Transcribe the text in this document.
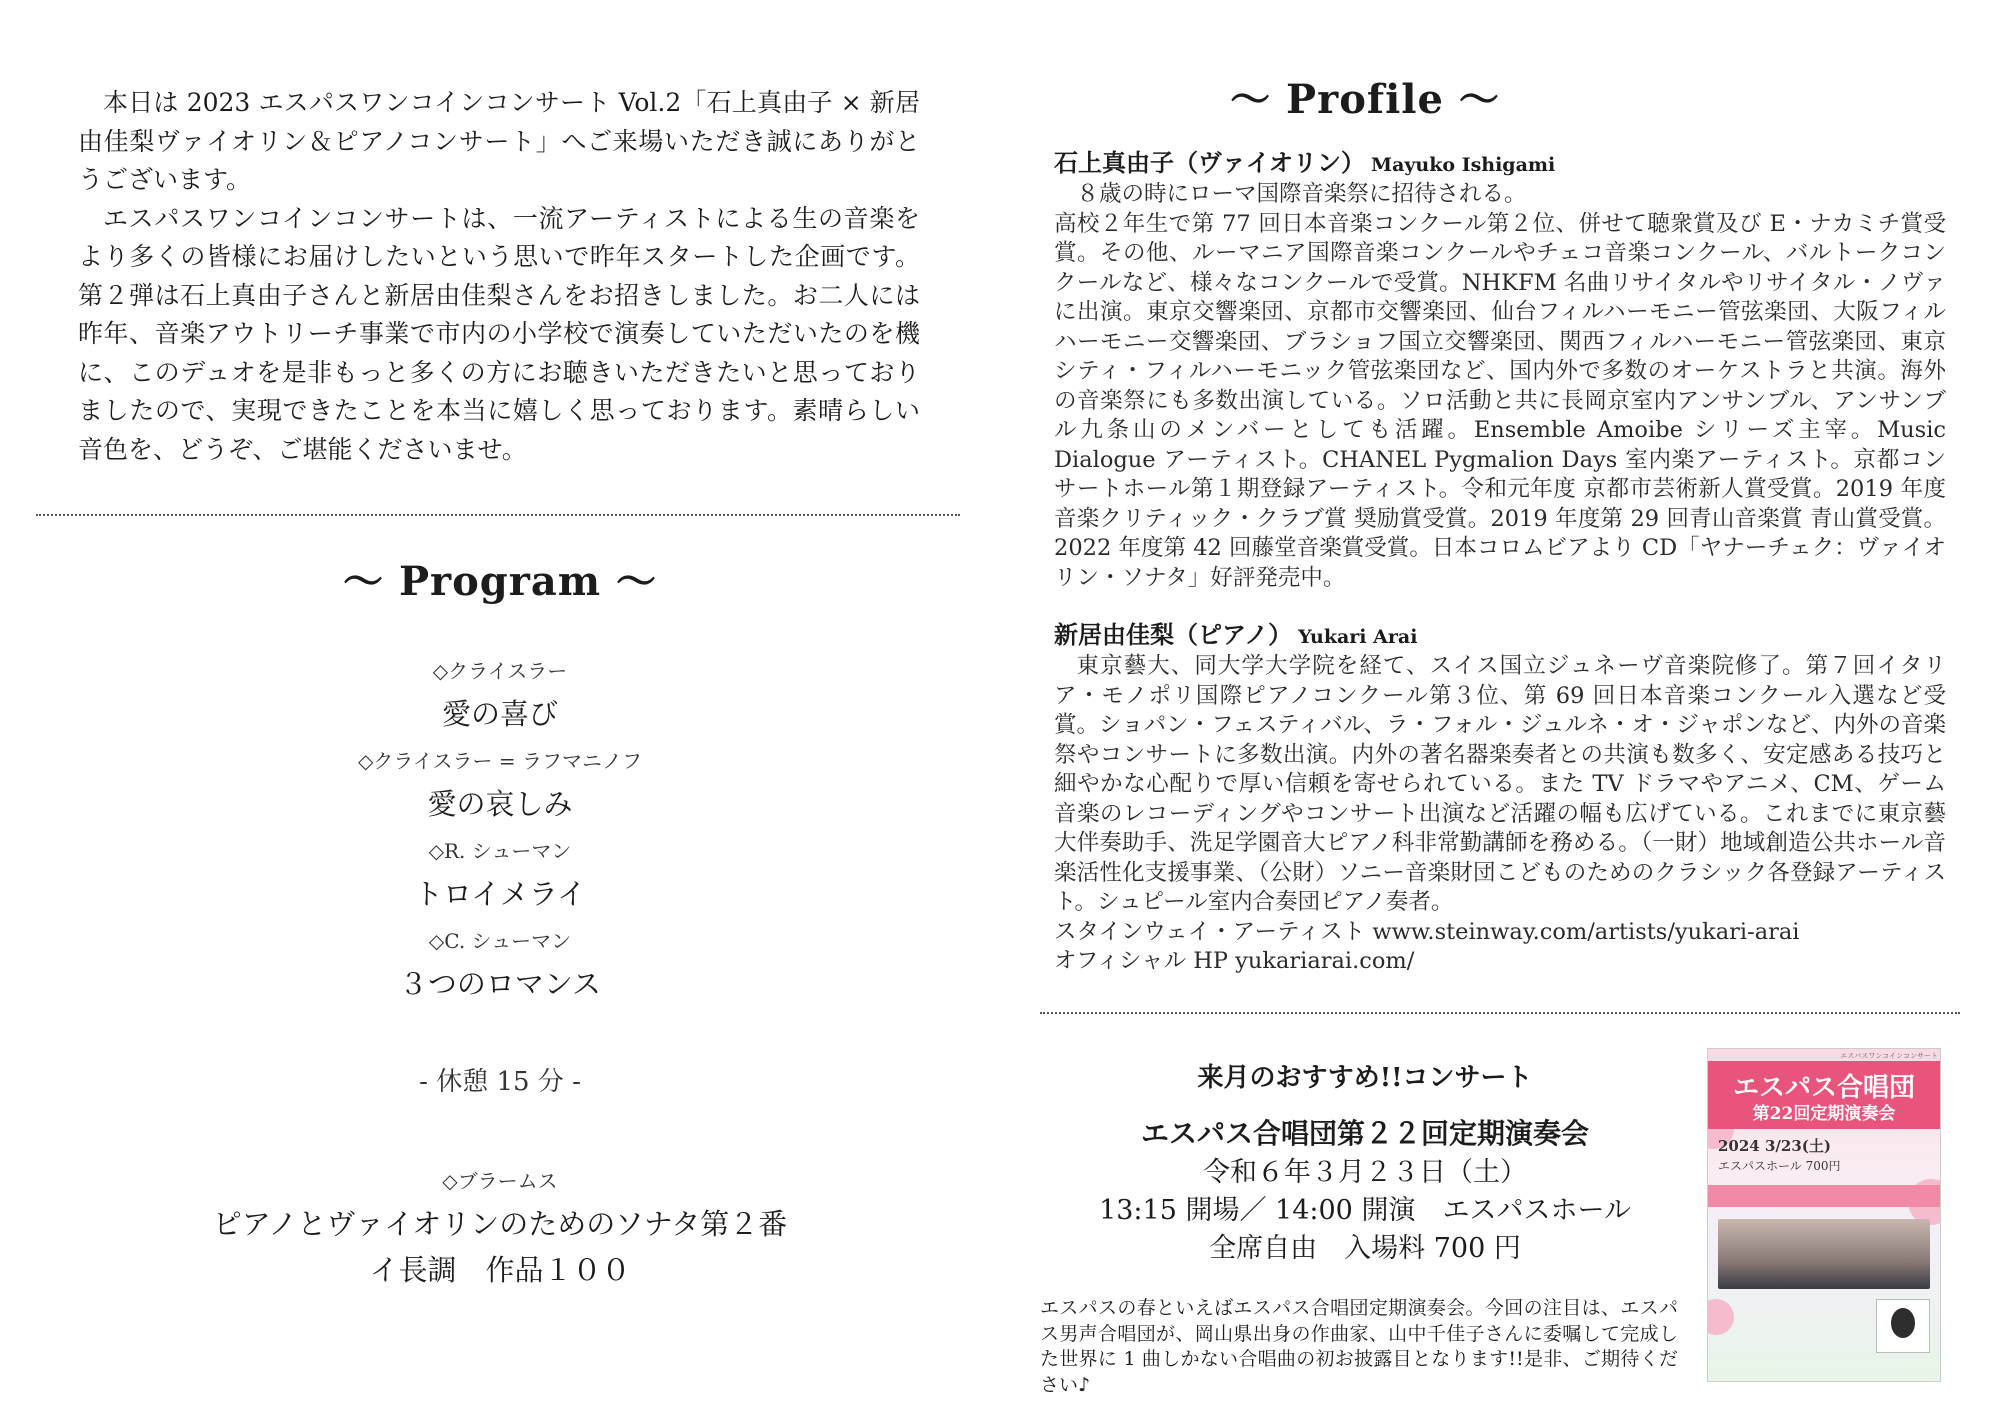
本日は 2023 エスパスワンコインコンサート Vol.2「石上真由子 × 新居由佳梨ヴァイオリン＆ピアノコンサート」へご来場いただき誠にありがとうございます。

エスパスワンコインコンサートは、一流アーティストによる生の音楽をより多くの皆様にお届けしたいという思いで昨年スタートした企画です。第２弾は石上真由子さんと新居由佳梨さんをお招きしました。お二人には昨年、音楽アウトリーチ事業で市内の小学校で演奏していただいたのを機に、このデュオを是非もっと多くの方にお聴きいただきたいと思っておりましたので、実現できたことを本当に嬉しく思っております。素晴らしい音色を、どうぞ、ご堪能くださいませ。

～ Program ～
◇クライスラー
愛の喜び
◇クライスラー = ラフマニノフ
愛の哀しみ
◇R. シューマン
トロイメライ
◇C. シューマン
３つのロマンス
- 休憩 15 分 -
◇ブラームス
ピアノとヴァイオリンのためのソナタ第２番
イ長調　作品１００
～ Profile ～
石上真由子（ヴァイオリン） Mayuko Ishigami

８歳の時にローマ国際音楽祭に招待される。

高校２年生で第 77 回日本音楽コンクール第２位、併せて聴衆賞及び E・ナカミチ賞受賞。その他、ルーマニア国際音楽コンクールやチェコ音楽コンクール、バルトークコンクールなど、様々なコンクールで受賞。NHKFM 名曲リサイタルやリサイタル・ノヴァに出演。東京交響楽団、京都市交響楽団、仙台フィルハーモニー管弦楽団、大阪フィルハーモニー交響楽団、ブラショフ国立交響楽団、関西フィルハーモニー管弦楽団、東京シティ・フィルハーモニック管弦楽団など、国内外で多数のオーケストラと共演。海外の音楽祭にも多数出演している。ソロ活動と共に長岡京室内アンサンブル、アンサンブル九条山のメンバーとしても活躍。Ensemble Amoibe シリーズ主宰。Music Dialogue アーティスト。CHANEL Pygmalion Days 室内楽アーティスト。京都コンサートホール第１期登録アーティスト。令和元年度 京都市芸術新人賞受賞。2019 年度音楽クリティック・クラブ賞 奨励賞受賞。2019 年度第 29 回青山音楽賞 青山賞受賞。2022 年度第 42 回藤堂音楽賞受賞。日本コロムビアより CD「ヤナーチェク：ヴァイオリン・ソナタ」好評発売中。

新居由佳梨（ピアノ） Yukari Arai

東京藝大、同大学大学院を経て、スイス国立ジュネーヴ音楽院修了。第７回イタリア・モノポリ国際ピアノコンクール第３位、第 69 回日本音楽コンクール入選など受賞。ショパン・フェスティバル、ラ・フォル・ジュルネ・オ・ジャポンなど、内外の音楽祭やコンサートに多数出演。内外の著名器楽奏者との共演も数多く、安定感ある技巧と細やかな心配りで厚い信頼を寄せられている。また TV ドラマやアニメ、CM、ゲーム音楽のレコーディングやコンサート出演など活躍の幅も広げている。これまでに東京藝大伴奏助手、洗足学園音大ピアノ科非常勤講師を務める。（一財）地域創造公共ホール音楽活性化支援事業、（公財）ソニー音楽財団こどものためのクラシック各登録アーティスト。シュピール室内合奏団ピアノ奏者。

スタインウェイ・アーティスト www.steinway.com/artists/yukari-arai
オフィシャル HP yukariarai.com/
来月のおすすめ!!コンサート
エスパス合唱団第２２回定期演奏会
令和６年３月２３日（土）
13:15 開場／ 14:00 開演　エスパスホール
全席自由　入場料 700 円

エスパスの春といえばエスパス合唱団定期演奏会。今回の注目は、エスパス男声合唱団が、岡山県出身の作曲家、山中千佳子さんに委嘱して完成した世界に 1 曲しかない合唱曲の初お披露目となります!!是非、ご期待ください♪

エスパスワンコインコンサート
エスパス合唱団
第22回定期演奏会
2024 3/23(土)
エスパスホール 700円
